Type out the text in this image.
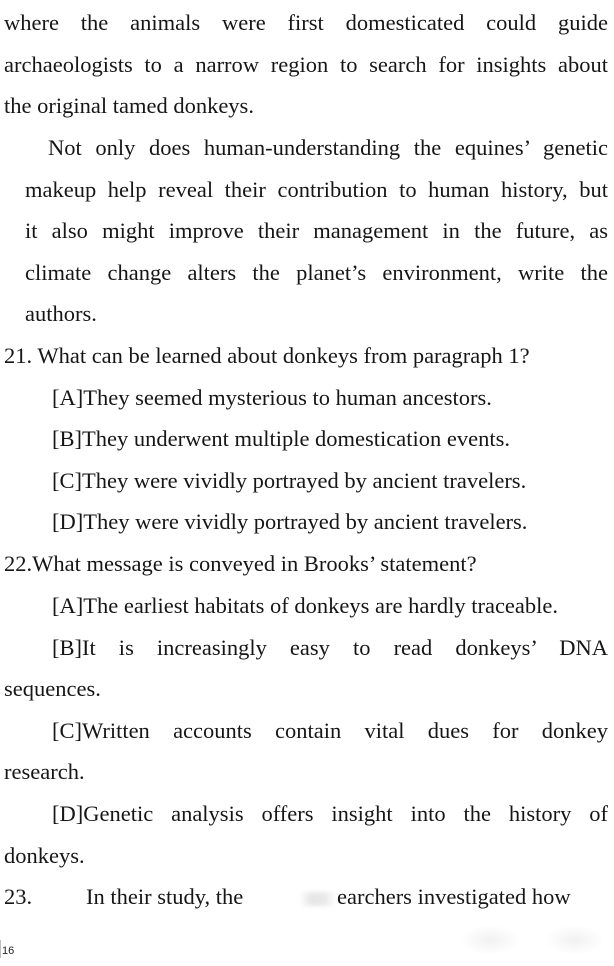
where the animals were first domesticated could guide
archaeologists to a narrow region to search for insights about
the original tamed donkeys.
Not only does human-understanding the equines’ genetic
makeup help reveal their contribution to human history, but
it also might improve their management in the future, as
climate change alters the planet’s environment, write the
authors.
21. What can be learned about donkeys from paragraph 1?
[A]They seemed mysterious to human ancestors.
[B]They underwent multiple domestication events.
[C]They were vividly portrayed by ancient travelers.
[D]They were vividly portrayed by ancient travelers.
22.What message is conveyed in Brooks’ statement?
[A]The earliest habitats of donkeys are hardly traceable.
[B]It is increasingly easy to read donkeys’ DNA
sequences.
[C]Written accounts contain vital dues for donkey
research.
[D]Genetic analysis offers insight into the history of
donkeys.
23. In their study, the	earchers investigated how
16
